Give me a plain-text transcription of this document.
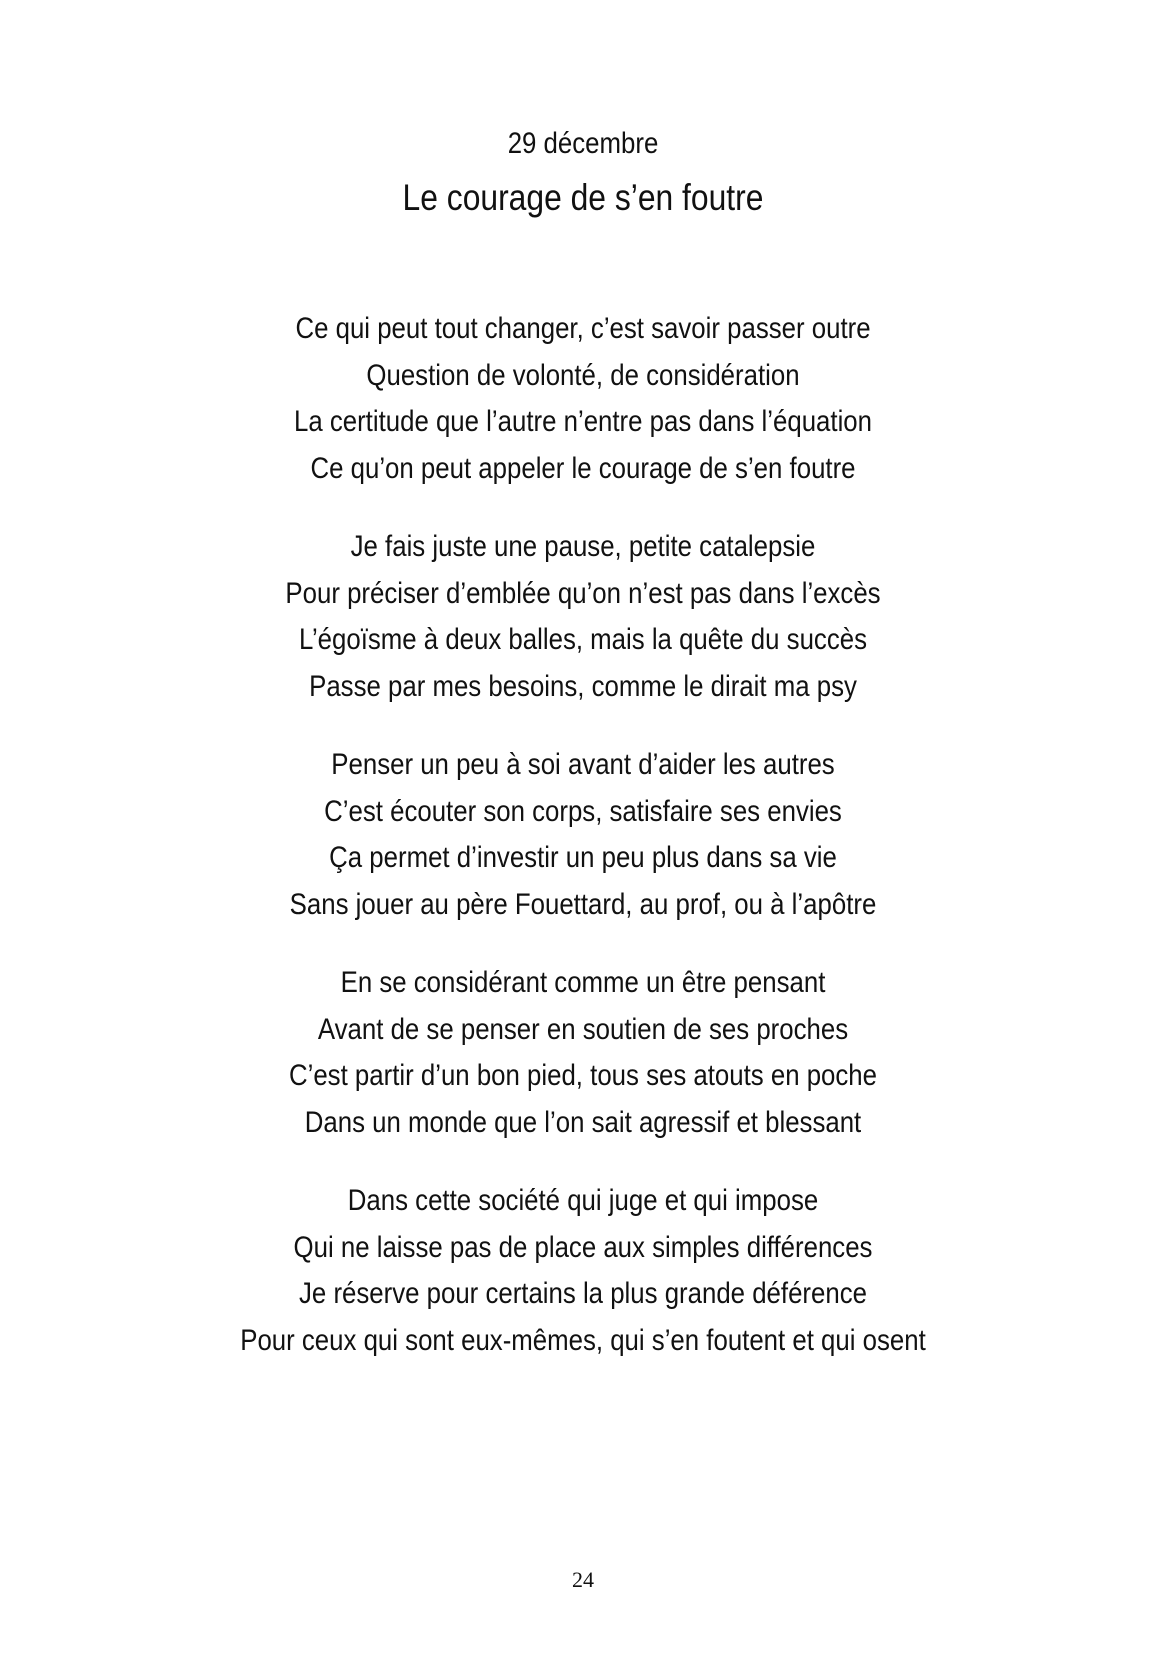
29 décembre
Le courage de s’en foutre
Ce qui peut tout changer, c’est savoir passer outre
Question de volonté, de considération
La certitude que l’autre n’entre pas dans l’équation
Ce qu’on peut appeler le courage de s’en foutre
Je fais juste une pause, petite catalepsie
Pour préciser d’emblée qu’on n’est pas dans l’excès
L’égoïsme à deux balles, mais la quête du succès
Passe par mes besoins, comme le dirait ma psy
Penser un peu à soi avant d’aider les autres
C’est écouter son corps, satisfaire ses envies
Ça permet d’investir un peu plus dans sa vie
Sans jouer au père Fouettard, au prof, ou à l’apôtre
En se considérant comme un être pensant
Avant de se penser en soutien de ses proches
C’est partir d’un bon pied, tous ses atouts en poche
Dans un monde que l’on sait agressif et blessant
Dans cette société qui juge et qui impose
Qui ne laisse pas de place aux simples différences
Je réserve pour certains la plus grande déférence
Pour ceux qui sont eux-mêmes, qui s’en foutent et qui osent
24
